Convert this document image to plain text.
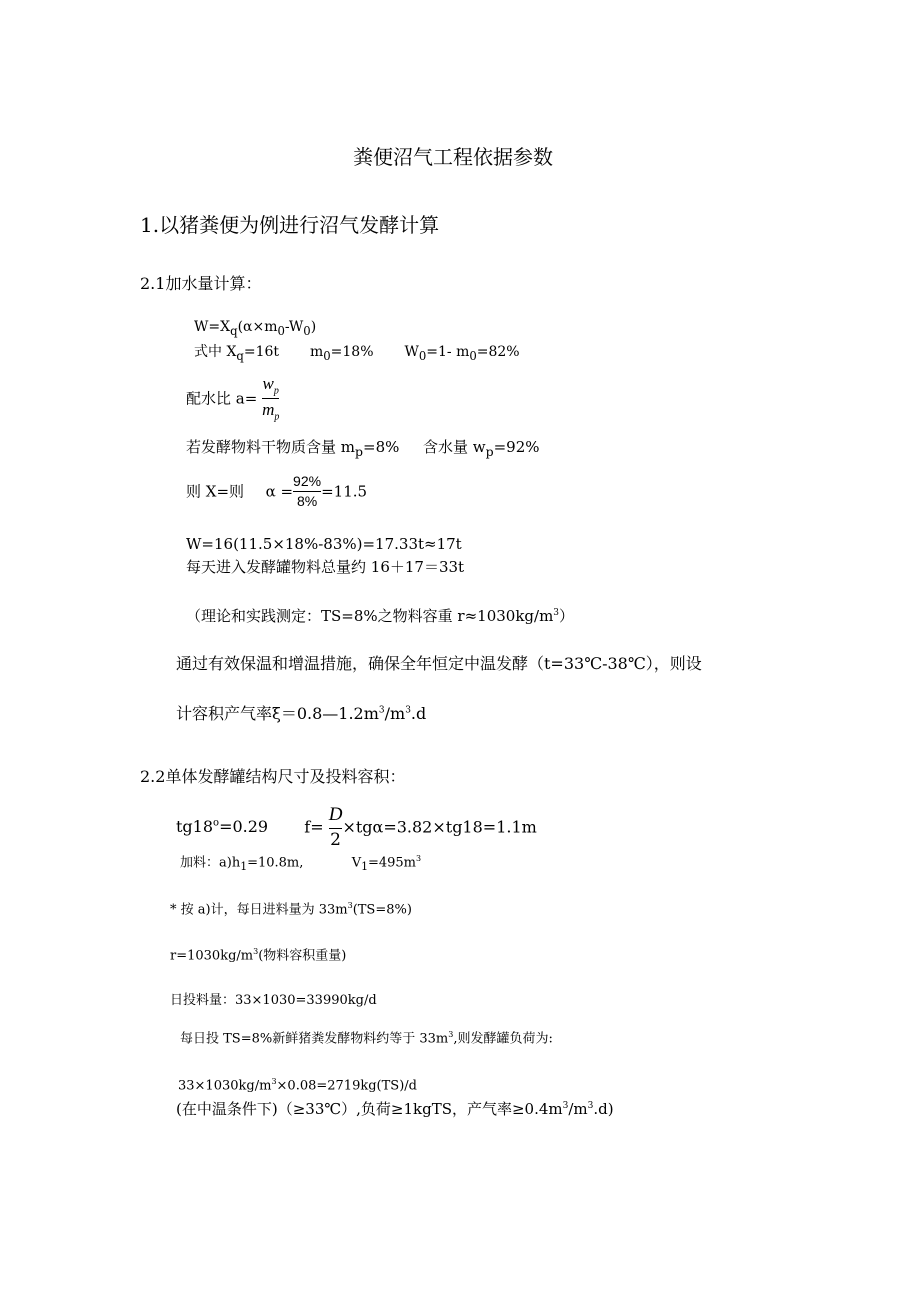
粪便沼气工程依据参数
1.以猪粪便为例进行沼气发酵计算
2.1加水量计算：
$W=X_q(\alpha\times m_0-W_0)$
式中 $X_q=16t$ $m_0=18\%$ $W_0=1-$ $m_0=82\%$
配水比 $a= \frac{w_p}{m_p}$
若发酵物料干物质含量 $m_p=8\%$ 含水量 $w_p=92\%$
则 X=则 $\alpha = \frac{92\%}{8\%} =11.5$
W=16(11.5×18%-83%)=17.33t≈17t
每天进入发酵罐物料总量约 16＋17＝33t
（理论和实践测定：TS=8%之物料容重 $r\approx 1030kg/m^3$）
通过有效保温和增温措施，确保全年恒定中温发酵（t=33℃-38℃），则设
计容积产气率$\xi=0.8—1.2m^3/m^3.d$
2.2单体发酵罐结构尺寸及投料容积：
$tg18^o=0.29$ $f= \frac{D}{2} \times tg\alpha=3.82\times tg18=1.1m$
加料：$a)h_1=10.8m$,	$V_1=495m^3$
* 按 a)计，每日进料量为 $33m^3(TS=8\%)$
$r=1030kg/m^3$(物料容积重量)
日投料量：33×1030=33990kg/d
每日投 TS=8%新鲜猪粪发酵物料约等于 $33m^3$,则发酵罐负荷为:
$33\times 1030kg/m^3\times 0.08=2719kg(TS)/d$
(在中温条件下)（≥33℃）,负荷≥1kgTS，产气率$\ge 0.4m^3/m^3.d$)
